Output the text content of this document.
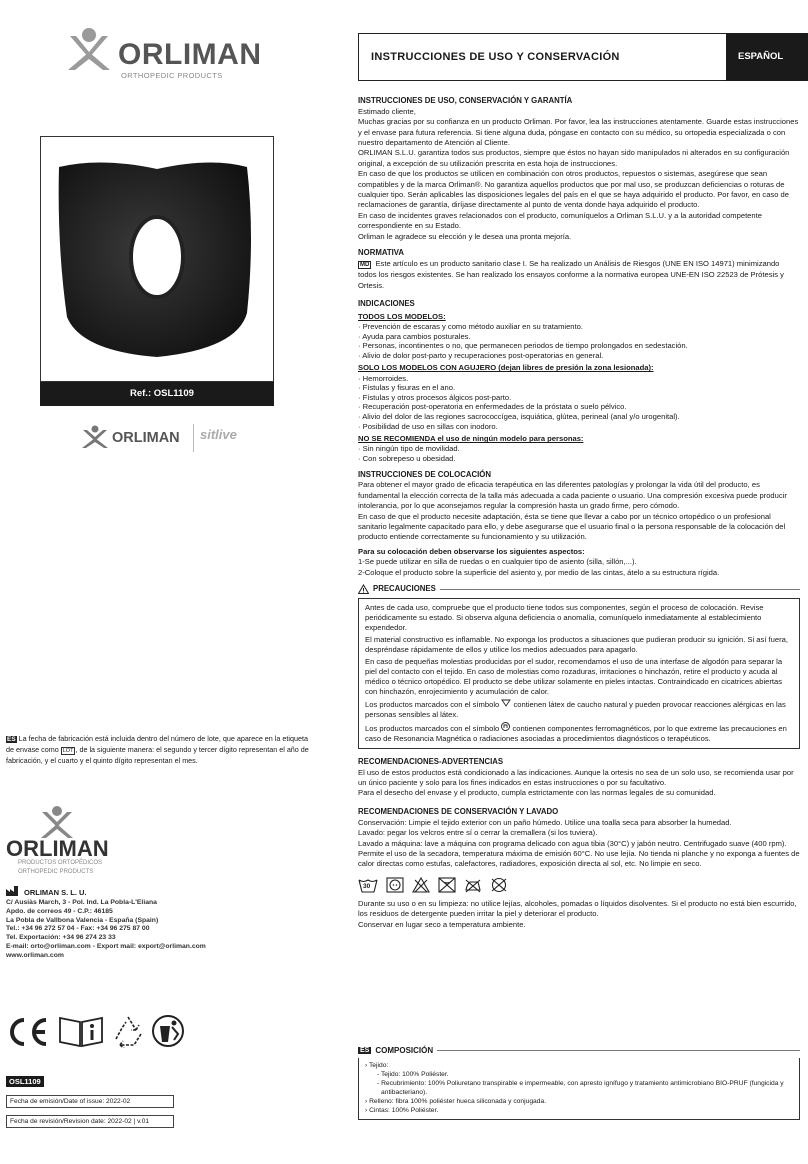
ORLIMAN
ORTHOPEDIC PRODUCTS
Ref.: OSL1109
ORLIMAN sitlive
ES La fecha de fabricación está incluida dentro del número de lote, que aparece en la etiqueta de envase como LOT , de la siguiente manera: el segundo y tercer dígito representan el año de fabricación, y el cuarto y el quinto dígito representan el mes.
ORLIMAN
PRODUCTOS ORTOPÉDICOS
ORTHOPEDIC PRODUCTS
ORLIMAN S. L. U.
C/ Ausiàs March, 3 - Pol. Ind. La Pobla-L'Eliana
Apdo. de correos 49 - C.P.: 46185
La Pobla de Vallbona Valencia - España (Spain)
Tel.: +34 96 272 57 04 - Fax: +34 96 275 87 00
Tel. Exportación: +34 96 274 23 33
E-mail: orto@orliman.com - Export mail: export@orliman.com
www.orliman.com
OSL1109
Fecha de emisión/Date of issue: 2022-02
Fecha de revisión/Revision date: 2022-02 | v.01
INSTRUCCIONES DE USO Y CONSERVACIÓN	ESPAÑOL
INSTRUCCIONES DE USO, CONSERVACIÓN Y GARANTÍA
Estimado cliente,
Muchas gracias por su confianza en un producto Orliman. Por favor, lea las instrucciones atentamente. Guarde estas instrucciones y el envase para futura referencia. Si tiene alguna duda, póngase en contacto con su médico, su ortopedia especializada o con nuestro departamento de Atención al Cliente.
ORLIMAN S.L.U. garantiza todos sus productos, siempre que éstos no hayan sido manipulados ni alterados en su configuración original, a excepción de su utilización prescrita en esta hoja de instrucciones.
En caso de que los productos se utilicen en combinación con otros productos, repuestos o sistemas, asegúrese que sean compatibles y de la marca Orliman®. No garantiza aquellos productos que por mal uso, se produzcan deficiencias o roturas de cualquier tipo. Serán aplicables las disposiciones legales del país en el que se haya adquirido el producto. Por favor, en caso de reclamaciones de garantía, diríjase directamente al punto de venta donde haya adquirido el producto.
En caso de incidentes graves relacionados con el producto, comuníquelos a Orliman S.L.U. y a la autoridad competente correspondiente en su Estado.
Orliman le agradece su elección y le desea una pronta mejoría.
NORMATIVA
MD Este artículo es un producto sanitario clase I. Se ha realizado un Análisis de Riesgos (UNE EN ISO 14971) minimizando todos los riesgos existentes. Se han realizado los ensayos conforme a la normativa europea UNE-EN ISO 22523 de Prótesis y Ortesis.
INDICACIONES
TODOS LOS MODELOS:
· Prevención de escaras y como método auxiliar en su tratamiento.
· Ayuda para cambios posturales.
· Personas, incontinentes o no, que permanecen periodos de tiempo prolongados en sedestación.
· Alivio de dolor post-parto y recuperaciones post-operatorias en general.
SOLO LOS MODELOS CON AGUJERO (dejan libres de presión la zona lesionada):
· Hemorroides.
· Fístulas y fisuras en el ano.
· Fístulas y otros procesos álgicos post-parto.
· Recuperación post-operatoria en enfermedades de la próstata o suelo pélvico.
· Alivio del dolor de las regiones sacrococcígea, isquiática, glútea, perineal (anal y/o urogenital).
· Posibilidad de uso en sillas con inodoro.
NO SE RECOMIENDA el uso de ningún modelo para personas:
· Sin ningún tipo de movilidad.
· Con sobrepeso u obesidad.
INSTRUCCIONES DE COLOCACIÓN
Para obtener el mayor grado de eficacia terapéutica en las diferentes patologías y prolongar la vida útil del producto, es fundamental la elección correcta de la talla más adecuada a cada paciente o usuario. Una compresión excesiva puede producir intolerancia, por lo que aconsejamos regular la compresión hasta un grado firme, pero cómodo.
En caso de que el producto necesite adaptación, ésta se tiene que llevar a cabo por un técnico ortopédico o un profesional sanitario legalmente capacitado para ello, y debe asegurarse que el usuario final o la persona responsable de la colocación del producto entiende correctamente su funcionamiento y su utilización.
Para su colocación deben observarse los siguientes aspectos:
1-Se puede utilizar en silla de ruedas o en cualquier tipo de asiento (silla, sillón,...).
2-Coloque el producto sobre la superficie del asiento y, por medio de las cintas, átelo a su estructura rígida.
PRECAUCIONES

Antes de cada uso, compruebe que el producto tiene todos sus componentes, según el proceso de colocación. Revise periódicamente su estado. Si observa alguna deficiencia o anomalía, comuníquelo inmediatamente al establecimiento expendedor.

El material constructivo es inflamable. No exponga los productos a situaciones que pudieran producir su ignición. Si así fuera, despréndase rápidamente de ellos y utilice los medios adecuados para apagarlo.

En caso de pequeñas molestias producidas por el sudor, recomendamos el uso de una interfase de algodón para separar la piel del contacto con el tejido. En caso de molestias como rozaduras, irritaciones o hinchazón, retire el producto y acuda al médico o técnico ortopédico. El producto se debe utilizar solamente en pieles intactas. Contraindicado en cicatrices abiertas con hinchazón, enrojecimiento y acumulación de calor.

Los productos marcados con el símbolo contienen látex de caucho natural y pueden provocar reacciones alérgicas en las personas sensibles al látex.

Los productos marcados con el símbolo contienen componentes ferromagnéticos, por lo que extreme las precauciones en caso de Resonancia Magnética o radiaciones asociadas a procedimientos diagnósticos o terapéuticos.

RECOMENDACIONES-ADVERTENCIAS
El uso de estos productos está condicionado a las indicaciones. Aunque la ortesis no sea de un solo uso, se recomienda usar por un único paciente y solo para los fines indicados en estas instrucciones o por su facultativo.
Para el desecho del envase y el producto, cumpla estrictamente con las normas legales de su comunidad.
RECOMENDACIONES DE CONSERVACIÓN Y LAVADO
Conservación: Limpie el tejido exterior con un paño húmedo. Utilice una toalla seca para absorber la humedad.
Lavado: pegar los velcros entre sí o cerrar la cremallera (si los tuviera).
Lavado a máquina: lave a máquina con programa delicado con agua tibia (30°C) y jabón neutro. Centrifugado suave (400 rpm). Permite el uso de la secadora, temperatura máxima de emisión 60°C. No use lejía. No tienda ni planche y no exponga a fuentes de calor directas como estufas, calefactores, radiadores, exposición directa al sol, etc. No limpie en seco.
30
Durante su uso o en su limpieza: no utilice lejías, alcoholes, pomadas o líquidos disolventes. Si el producto no está bien escurrido, los residuos de detergente pueden irritar la piel y deteriorar el producto.
Conservar en lugar seco a temperatura ambiente.
ES COMPOSICIÓN
› Tejido:
- Tejido: 100% Poliéster.
- Recubrimiento: 100% Poliuretano transpirable e impermeable, con apresto ignífugo y tratamiento antimicrobiano BIO-PRUF (fungicida y antibacteriano).
› Relleno: fibra 100% poliéster hueca siliconada y conjugada.
› Cintas: 100% Poliéster.
